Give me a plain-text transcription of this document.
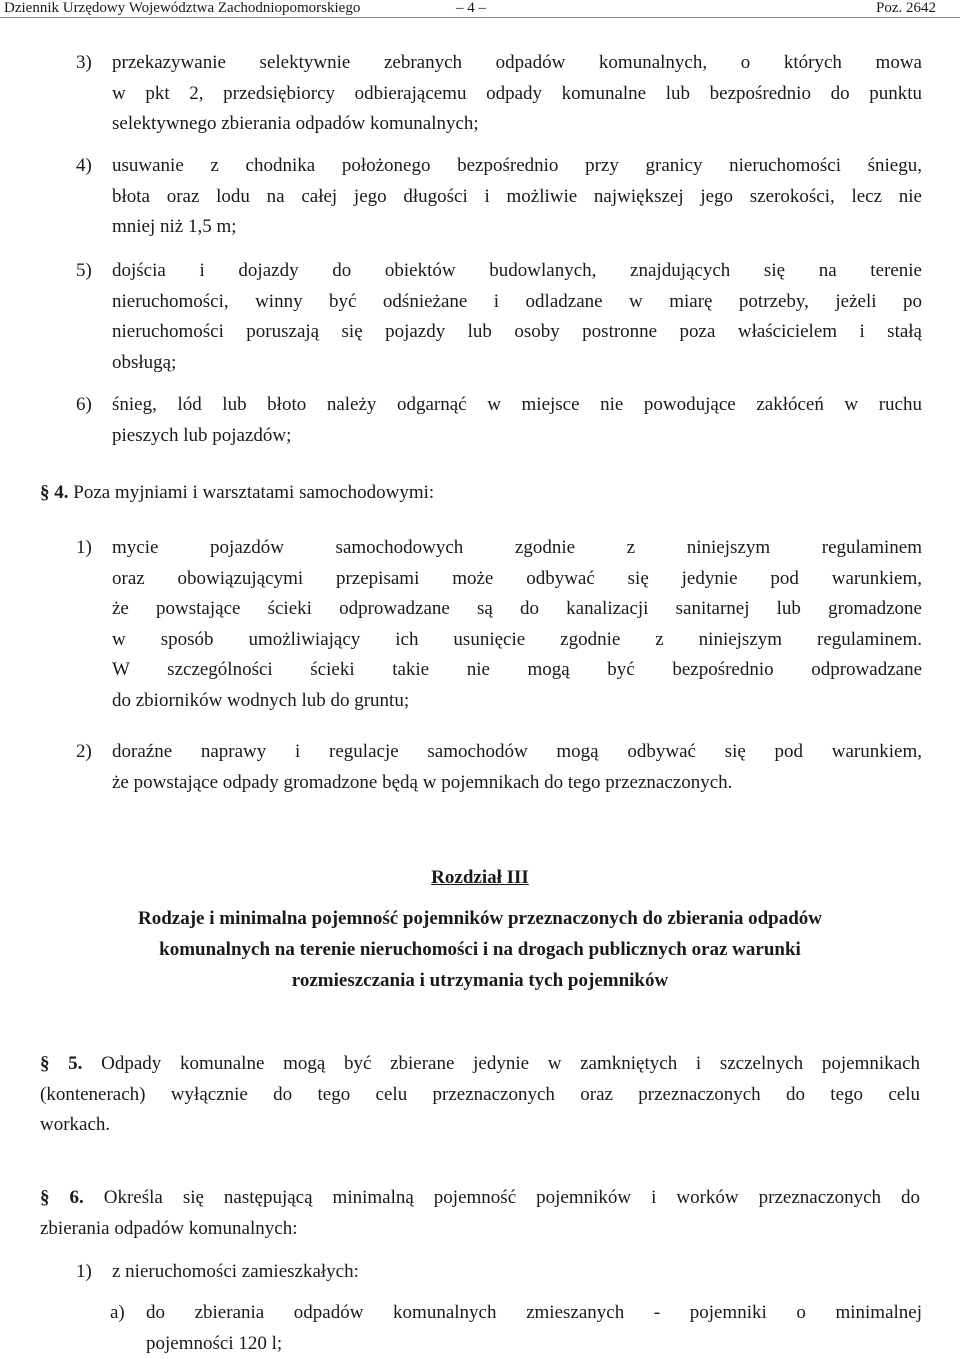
Dziennik Urzędowy Województwa Zachodniopomorskiego	– 4 –	Poz. 2642
3) przekazywanie selektywnie zebranych odpadów komunalnych, o których mowa
w pkt 2, przedsiębiorcy odbierającemu odpady komunalne lub bezpośrednio do punktu
selektywnego zbierania odpadów komunalnych;
4) usuwanie z chodnika położonego bezpośrednio przy granicy nieruchomości śniegu,
błota oraz lodu na całej jego długości i możliwie największej jego szerokości, lecz nie
mniej niż 1,5 m;
5) dojścia i dojazdy do obiektów budowlanych, znajdujących się na terenie
nieruchomości, winny być odśnieżane i odladzane w miarę potrzeby, jeżeli po
nieruchomości poruszają się pojazdy lub osoby postronne poza właścicielem i stałą
obsługą;
6) śnieg, lód lub błoto należy odgarnąć w miejsce nie powodujące zakłóceń w ruchu
pieszych lub pojazdów;
§ 4. Poza myjniami i warsztatami samochodowymi:
1) mycie pojazdów samochodowych zgodnie z niniejszym regulaminem
oraz obowiązującymi przepisami może odbywać się jedynie pod warunkiem,
że powstające ścieki odprowadzane są do kanalizacji sanitarnej lub gromadzone
w sposób umożliwiający ich usunięcie zgodnie z niniejszym regulaminem.
W szczególności ścieki takie nie mogą być bezpośrednio odprowadzane
do zbiorników wodnych lub do gruntu;
2) doraźne naprawy i regulacje samochodów mogą odbywać się pod warunkiem,
że powstające odpady gromadzone będą w pojemnikach do tego przeznaczonych.
Rozdział III
Rodzaje i minimalna pojemność pojemników przeznaczonych do zbierania odpadów
komunalnych na terenie nieruchomości i na drogach publicznych oraz warunki
rozmieszczania i utrzymania tych pojemników
§ 5. Odpady komunalne mogą być zbierane jedynie w zamkniętych i szczelnych pojemnikach
(kontenerach) wyłącznie do tego celu przeznaczonych oraz przeznaczonych do tego celu
workach.
§ 6. Określa się następującą minimalną pojemność pojemników i worków przeznaczonych do
zbierania odpadów komunalnych:
1) z nieruchomości zamieszkałych:
a) do zbierania odpadów komunalnych zmieszanych - pojemniki o minimalnej
pojemności 120 l;
